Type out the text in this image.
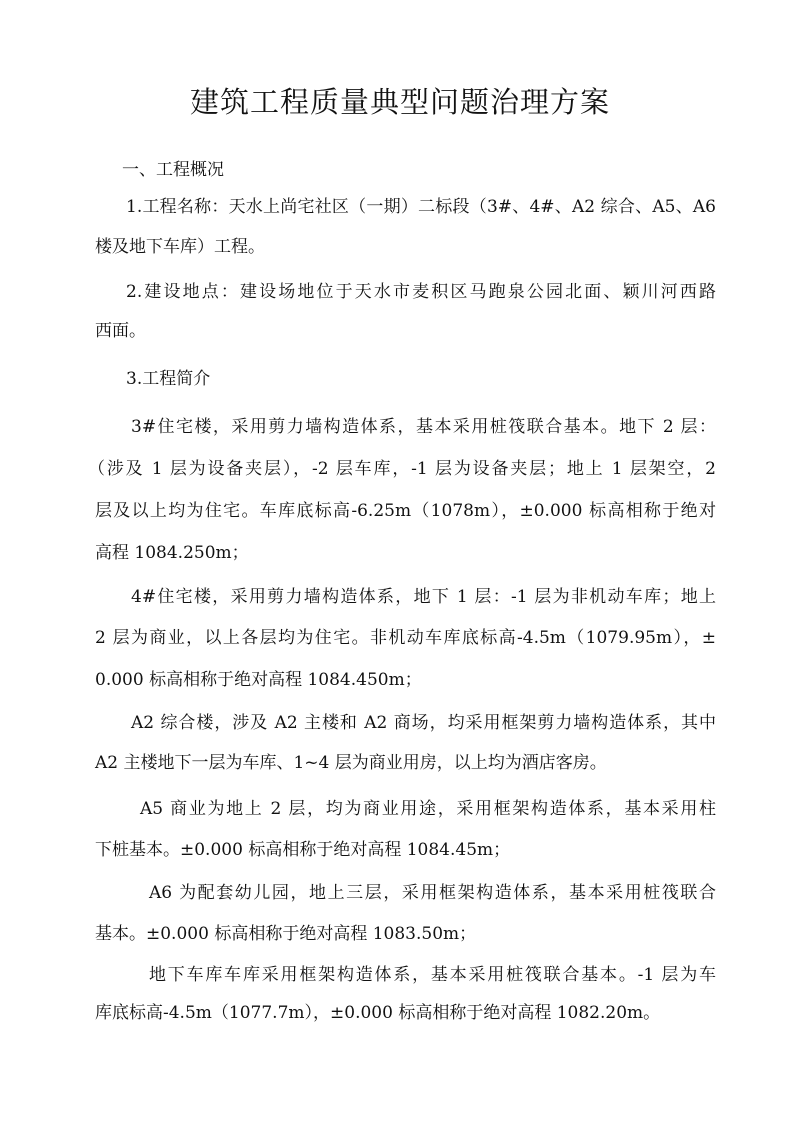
建筑工程质量典型问题治理方案

一、工程概况

1.工程名称：天水上尚宅社区（一期）二标段（3#、4#、A2 综合、A5、A6

楼及地下车库）工程。

2.建设地点：建设场地位于天水市麦积区马跑泉公园北面、颖川河西路

西面。

3.工程简介

3#住宅楼，采用剪力墙构造体系，基本采用桩筏联合基本。地下 2 层：

（涉及 1 层为设备夹层），-2 层车库，-1 层为设备夹层；地上 1 层架空，2

层及以上均为住宅。车库底标高-6.25m（1078m），±0.000 标高相称于绝对

高程 1084.250m；

4#住宅楼，采用剪力墙构造体系，地下 1 层：-1 层为非机动车库；地上

2 层为商业，以上各层均为住宅。非机动车库底标高-4.5m（1079.95m），±

0.000 标高相称于绝对高程 1084.450m；

A2 综合楼，涉及 A2 主楼和 A2 商场，均采用框架剪力墙构造体系，其中

A2 主楼地下一层为车库、1~4 层为商业用房，以上均为酒店客房。

A5 商业为地上 2 层，均为商业用途，采用框架构造体系，基本采用柱

下桩基本。±0.000 标高相称于绝对高程 1084.45m；

A6 为配套幼儿园，地上三层，采用框架构造体系，基本采用桩筏联合

基本。±0.000 标高相称于绝对高程 1083.50m；

地下车库车库采用框架构造体系，基本采用桩筏联合基本。-1 层为车

库底标高-4.5m（1077.7m），±0.000 标高相称于绝对高程 1082.20m。
